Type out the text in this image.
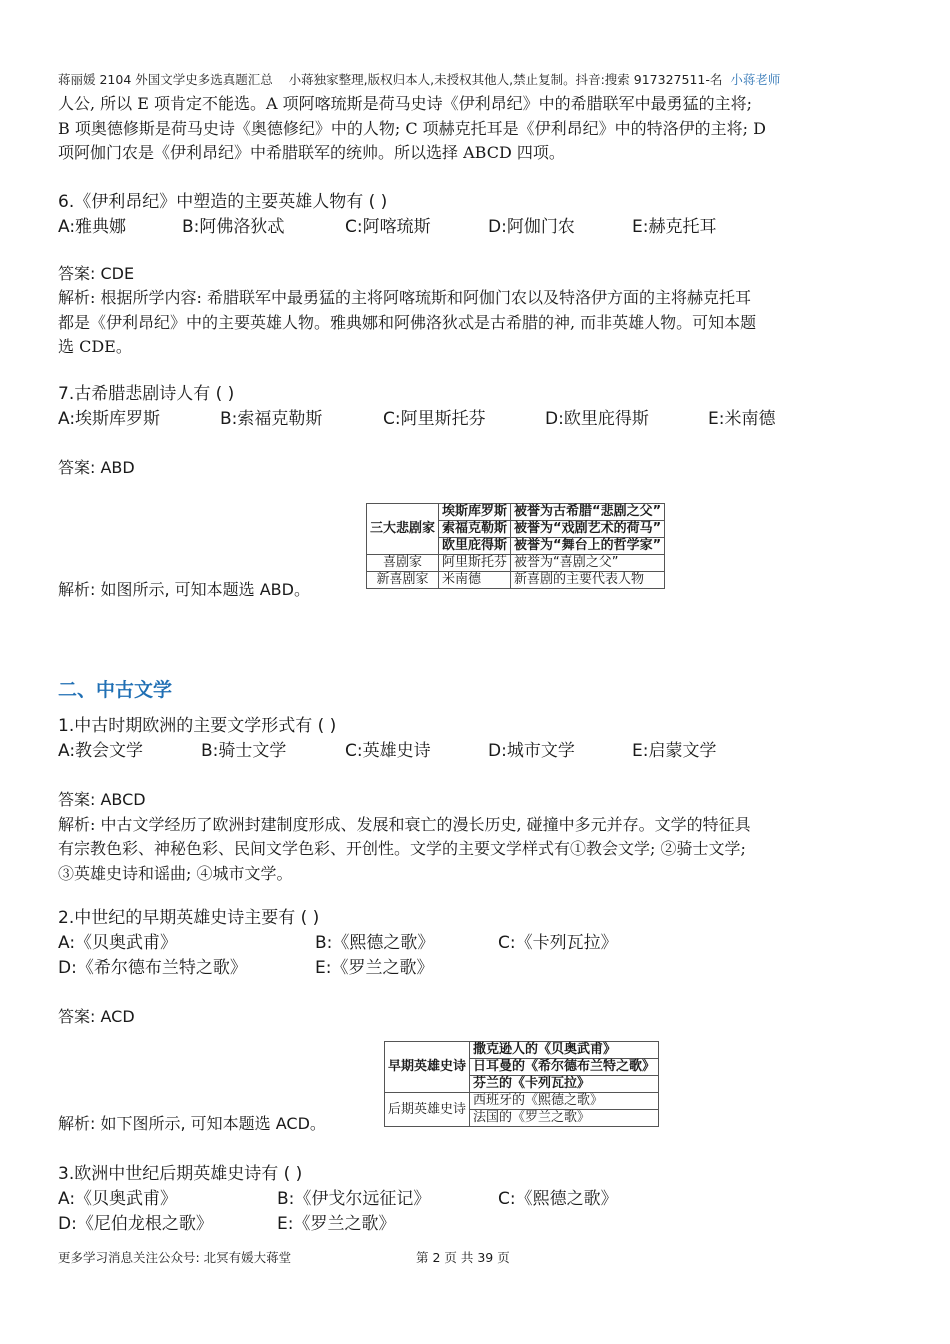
蒋丽媛 2104 外国文学史多选真题汇总 小蒋独家整理,版权归本人,未授权其他人,禁止复制。抖音:搜索 917327511-名 小蒋老师
人公, 所以 E 项肯定不能选。A 项阿喀琉斯是荷马史诗《伊利昂纪》中的希腊联军中最勇猛的主将;
B 项奥德修斯是荷马史诗《奥德修纪》中的人物; C 项赫克托耳是《伊利昂纪》中的特洛伊的主将; D
项阿伽门农是《伊利昂纪》中希腊联军的统帅。所以选择 ABCD 四项。
6.《伊利昂纪》中塑造的主要英雄人物有 ( )
A:雅典娜	B:阿佛洛狄忒	C:阿喀琉斯	D:阿伽门农	E:赫克托耳
答案: CDE
解析: 根据所学内容: 希腊联军中最勇猛的主将阿喀琉斯和阿伽门农以及特洛伊方面的主将赫克托耳
都是《伊利昂纪》中的主要英雄人物。雅典娜和阿佛洛狄忒是古希腊的神, 而非英雄人物。可知本题
选 CDE。
7.古希腊悲剧诗人有 ( )
A:埃斯库罗斯	B:索福克勒斯	C:阿里斯托芬	D:欧里庇得斯	E:米南德
答案: ABD
三大悲剧家	埃斯库罗斯	被誉为古希腊“悲剧之父”
	索福克勒斯	被誉为“戏剧艺术的荷马”
	欧里庇得斯	被誉为“舞台上的哲学家”
喜剧家	阿里斯托芬	被誉为“喜剧之父”
新喜剧家	米南德	新喜剧的主要代表人物
解析: 如图所示, 可知本题选 ABD。
二、中古文学
1.中古时期欧洲的主要文学形式有 ( )
A:教会文学	B:骑士文学	C:英雄史诗	D:城市文学	E:启蒙文学
答案: ABCD
解析: 中古文学经历了欧洲封建制度形成、发展和衰亡的漫长历史, 碰撞中多元并存。文学的特征具
有宗教色彩、神秘色彩、民间文学色彩、开创性。文学的主要文学样式有①教会文学; ②骑士文学;
③英雄史诗和谣曲; ④城市文学。
2.中世纪的早期英雄史诗主要有 ( )
A:《贝奥武甫》	B:《熙德之歌》	C:《卡列瓦拉》
D:《希尔德布兰特之歌》	E:《罗兰之歌》
答案: ACD
早期英雄史诗	撒克逊人的《贝奥武甫》
	日耳曼的《希尔德布兰特之歌》
	芬兰的《卡列瓦拉》
后期英雄史诗	西班牙的《熙德之歌》
	法国的《罗兰之歌》
解析: 如下图所示, 可知本题选 ACD。
3.欧洲中世纪后期英雄史诗有 ( )
A:《贝奥武甫》	B:《伊戈尔远征记》	C:《熙德之歌》
D:《尼伯龙根之歌》	E:《罗兰之歌》
更多学习消息关注公众号: 北冥有媛大蒋堂	第 2 页 共 39 页
